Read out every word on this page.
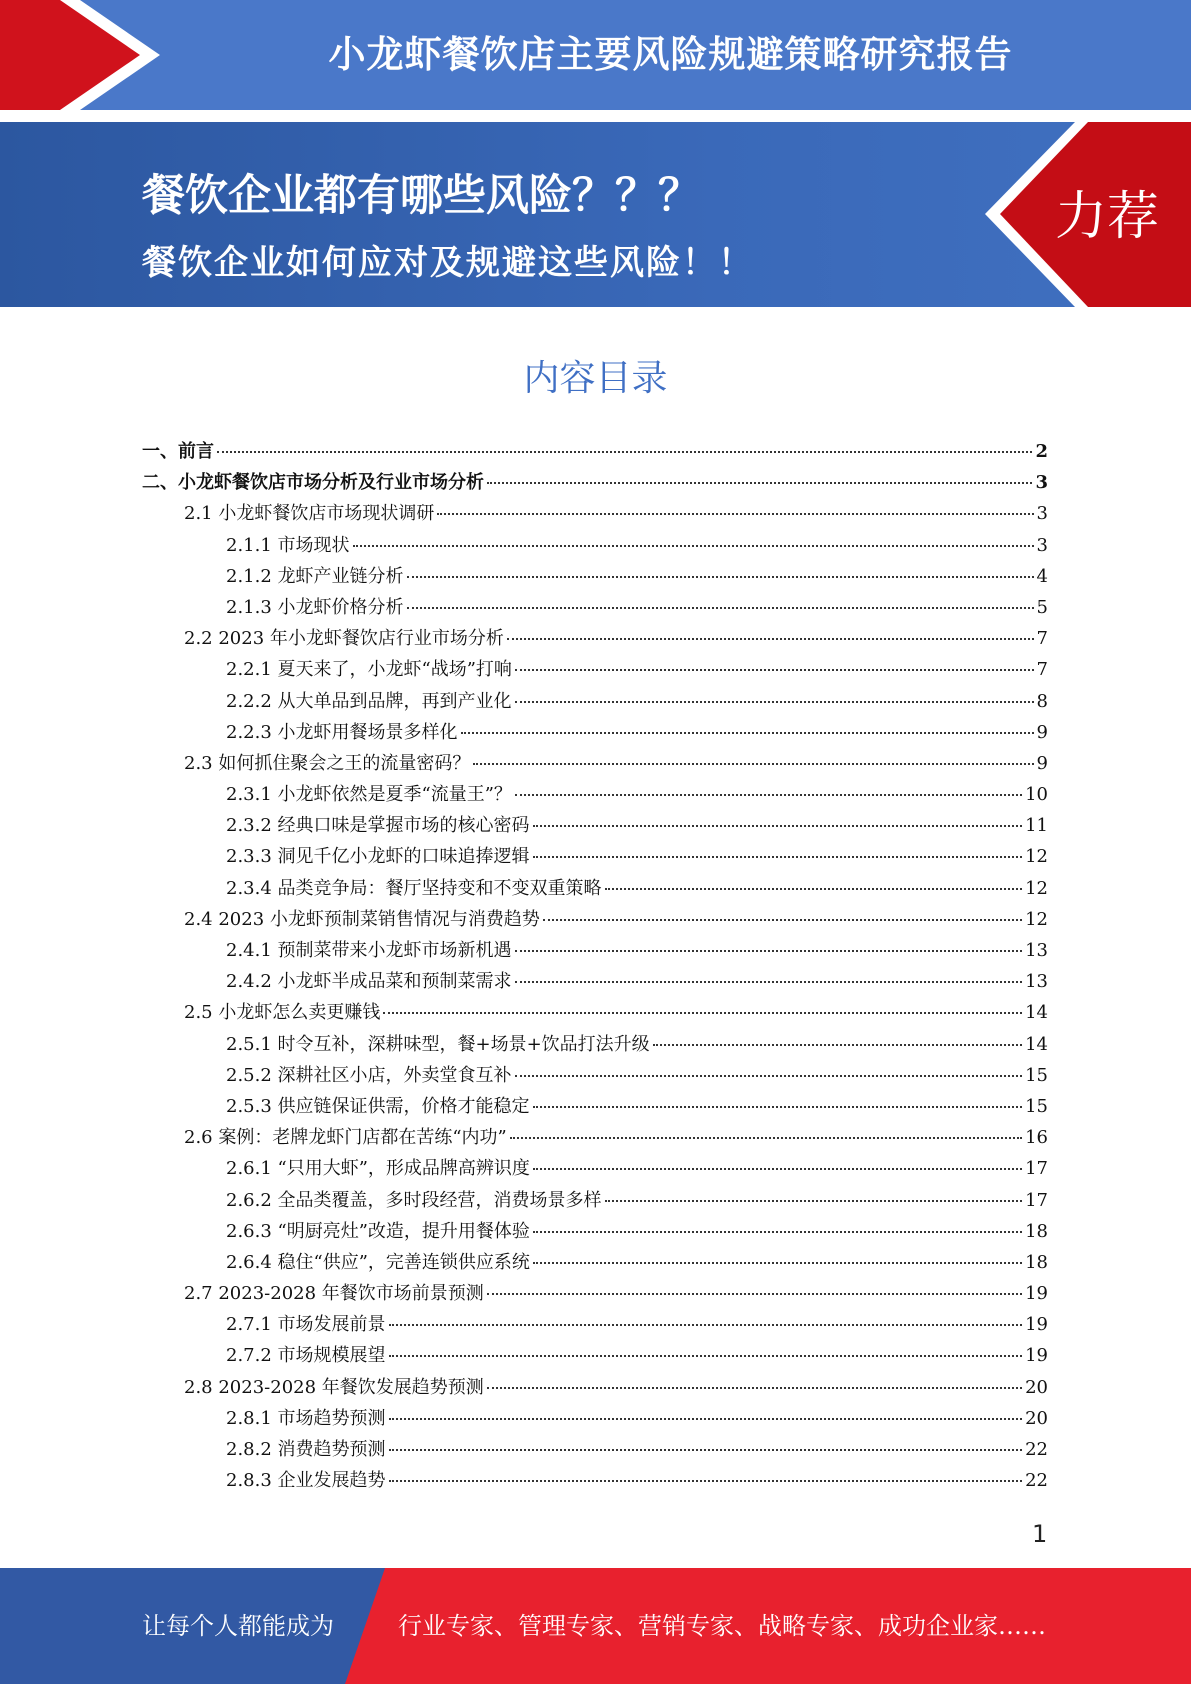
小龙虾餐饮店主要风险规避策略研究报告
餐饮企业都有哪些风险？？？
餐饮企业如何应对及规避这些风险！！
力荐
内容目录
一、前言	2
二、小龙虾餐饮店市场分析及行业市场分析	3
2.1 小龙虾餐饮店市场现状调研	3
2.1.1 市场现状	3
2.1.2 龙虾产业链分析	4
2.1.3 小龙虾价格分析	5
2.2 2023 年小龙虾餐饮店行业市场分析	7
2.2.1 夏天来了，小龙虾“战场”打响	7
2.2.2 从大单品到品牌，再到产业化	8
2.2.3 小龙虾用餐场景多样化	9
2.3 如何抓住聚会之王的流量密码？	9
2.3.1 小龙虾依然是夏季“流量王”？	10
2.3.2 经典口味是掌握市场的核心密码	11
2.3.3 洞见千亿小龙虾的口味追捧逻辑	12
2.3.4 品类竞争局：餐厅坚持变和不变双重策略	12
2.4 2023 小龙虾预制菜销售情况与消费趋势	12
2.4.1 预制菜带来小龙虾市场新机遇	13
2.4.2 小龙虾半成品菜和预制菜需求	13
2.5 小龙虾怎么卖更赚钱	14
2.5.1 时令互补，深耕味型，餐+场景+饮品打法升级	14
2.5.2 深耕社区小店，外卖堂食互补	15
2.5.3 供应链保证供需，价格才能稳定	15
2.6 案例：老牌龙虾门店都在苦练“内功”	16
2.6.1 “只用大虾”，形成品牌高辨识度	17
2.6.2 全品类覆盖，多时段经营，消费场景多样	17
2.6.3 “明厨亮灶”改造，提升用餐体验	18
2.6.4 稳住“供应”，完善连锁供应系统	18
2.7 2023-2028 年餐饮市场前景预测	19
2.7.1 市场发展前景	19
2.7.2 市场规模展望	19
2.8 2023-2028 年餐饮发展趋势预测	20
2.8.1 市场趋势预测	20
2.8.2 消费趋势预测	22
2.8.3 企业发展趋势	22
1
让每个人都能成为	行业专家、管理专家、营销专家、战略专家、成功企业家……
